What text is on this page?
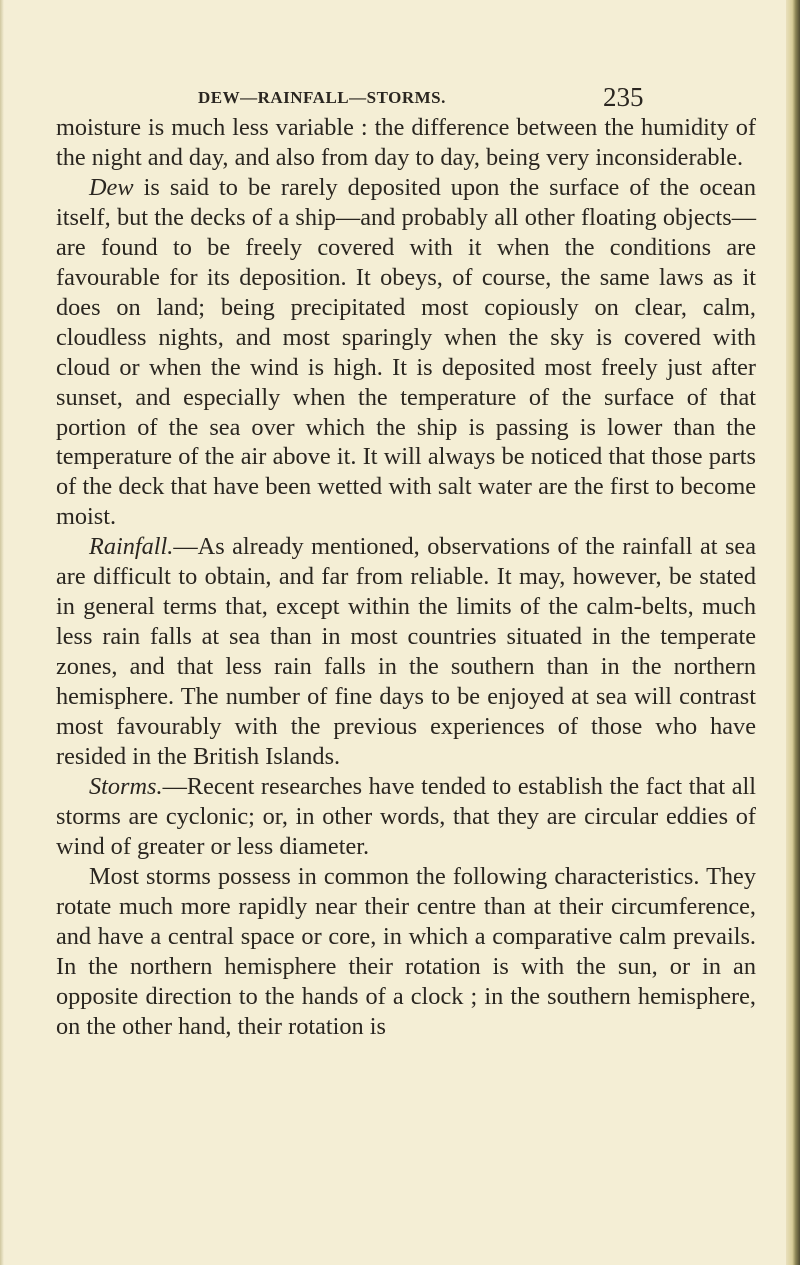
DEW—RAINFALL—STORMS.	235

moisture is much less variable : the difference between the humidity of the night and day, and also from day to day, being very inconsiderable.

Dew is said to be rarely deposited upon the surface of the ocean itself, but the decks of a ship—and probably all other floating objects—are found to be freely covered with it when the conditions are favourable for its deposition. It obeys, of course, the same laws as it does on land; being precipitated most copiously on clear, calm, cloudless nights, and most sparingly when the sky is covered with cloud or when the wind is high. It is deposited most freely just after sunset, and especially when the temperature of the surface of that portion of the sea over which the ship is passing is lower than the temperature of the air above it. It will always be noticed that those parts of the deck that have been wetted with salt water are the first to become moist.

Rainfall.—As already mentioned, observations of the rainfall at sea are difficult to obtain, and far from reliable. It may, however, be stated in general terms that, except within the limits of the calm-belts, much less rain falls at sea than in most countries situated in the temperate zones, and that less rain falls in the southern than in the northern hemisphere. The number of fine days to be enjoyed at sea will contrast most favourably with the previous experiences of those who have resided in the British Islands.

Storms.—Recent researches have tended to establish the fact that all storms are cyclonic; or, in other words, that they are circular eddies of wind of greater or less diameter.

Most storms possess in common the following characteristics. They rotate much more rapidly near their centre than at their circumference, and have a central space or core, in which a comparative calm prevails. In the northern hemisphere their rotation is with the sun, or in an opposite direction to the hands of a clock ; in the southern hemisphere, on the other hand, their rotation is
